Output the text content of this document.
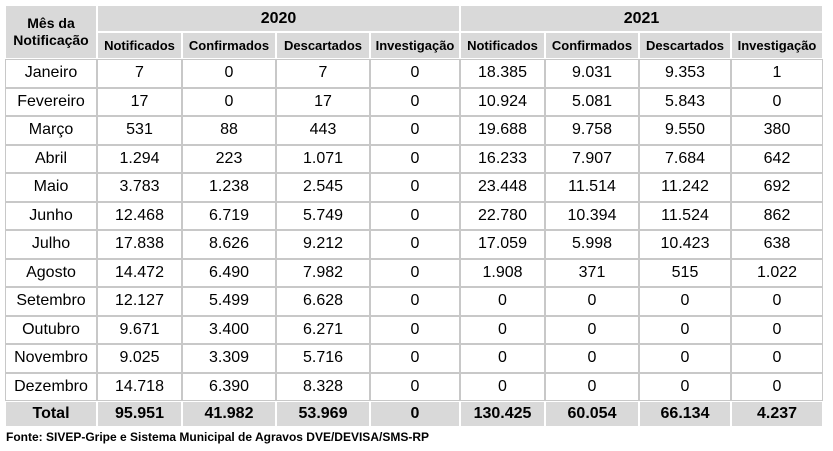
Mês da Notificação	2020				2021			
	Notificados	Confirmados	Descartados	Investigação	Notificados	Confirmados	Descartados	Investigação
Janeiro	7	0	7	0	18.385	9.031	9.353	1
Fevereiro	17	0	17	0	10.924	5.081	5.843	0
Março	531	88	443	0	19.688	9.758	9.550	380
Abril	1.294	223	1.071	0	16.233	7.907	7.684	642
Maio	3.783	1.238	2.545	0	23.448	11.514	11.242	692
Junho	12.468	6.719	5.749	0	22.780	10.394	11.524	862
Julho	17.838	8.626	9.212	0	17.059	5.998	10.423	638
Agosto	14.472	6.490	7.982	0	1.908	371	515	1.022
Setembro	12.127	5.499	6.628	0	0	0	0	0
Outubro	9.671	3.400	6.271	0	0	0	0	0
Novembro	9.025	3.309	5.716	0	0	0	0	0
Dezembro	14.718	6.390	8.328	0	0	0	0	0
Total	95.951	41.982	53.969	0	130.425	60.054	66.134	4.237
Fonte: SIVEP-Gripe e Sistema Municipal de Agravos DVE/DEVISA/SMS-RP
